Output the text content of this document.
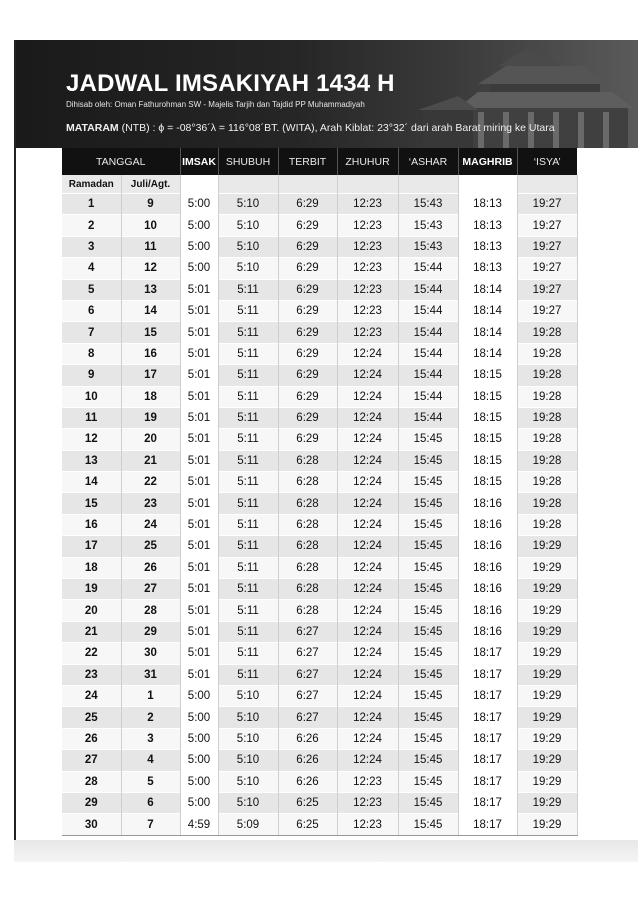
JADWAL IMSAKIYAH 1434 H
Dihisab oleh: Oman Fathurohman SW - Majelis Tarjih dan Tajdid PP Muhammadiyah
MATARAM (NTB) : ϕ = -08°36´λ = 116°08´BT. (WITA), Arah Kiblat: 23°32´ dari arah Barat miring ke Utara
TANGGAL		IMSAK	SHUBUH	TERBIT	ZHUHUR	‘ASHAR	MAGHRIB	‘ISYA’
Ramadan	Juli/Agt.							
1	9	5:00	5:10	6:29	12:23	15:43	18:13	19:27
2	10	5:00	5:10	6:29	12:23	15:43	18:13	19:27
3	11	5:00	5:10	6:29	12:23	15:43	18:13	19:27
4	12	5:00	5:10	6:29	12:23	15:44	18:13	19:27
5	13	5:01	5:11	6:29	12:23	15:44	18:14	19:27
6	14	5:01	5:11	6:29	12:23	15:44	18:14	19:27
7	15	5:01	5:11	6:29	12:23	15:44	18:14	19:28
8	16	5:01	5:11	6:29	12:24	15:44	18:14	19:28
9	17	5:01	5:11	6:29	12:24	15:44	18:15	19:28
10	18	5:01	5:11	6:29	12:24	15:44	18:15	19:28
11	19	5:01	5:11	6:29	12:24	15:44	18:15	19:28
12	20	5:01	5:11	6:29	12:24	15:45	18:15	19:28
13	21	5:01	5:11	6:28	12:24	15:45	18:15	19:28
14	22	5:01	5:11	6:28	12:24	15:45	18:15	19:28
15	23	5:01	5:11	6:28	12:24	15:45	18:16	19:28
16	24	5:01	5:11	6:28	12:24	15:45	18:16	19:28
17	25	5:01	5:11	6:28	12:24	15:45	18:16	19:29
18	26	5:01	5:11	6:28	12:24	15:45	18:16	19:29
19	27	5:01	5:11	6:28	12:24	15:45	18:16	19:29
20	28	5:01	5:11	6:28	12:24	15:45	18:16	19:29
21	29	5:01	5:11	6:27	12:24	15:45	18:16	19:29
22	30	5:01	5:11	6:27	12:24	15:45	18:17	19:29
23	31	5:01	5:11	6:27	12:24	15:45	18:17	19:29
24	1	5:00	5:10	6:27	12:24	15:45	18:17	19:29
25	2	5:00	5:10	6:27	12:24	15:45	18:17	19:29
26	3	5:00	5:10	6:26	12:24	15:45	18:17	19:29
27	4	5:00	5:10	6:26	12:24	15:45	18:17	19:29
28	5	5:00	5:10	6:26	12:23	15:45	18:17	19:29
29	6	5:00	5:10	6:25	12:23	15:45	18:17	19:29
30	7	4:59	5:09	6:25	12:23	15:45	18:17	19:29
